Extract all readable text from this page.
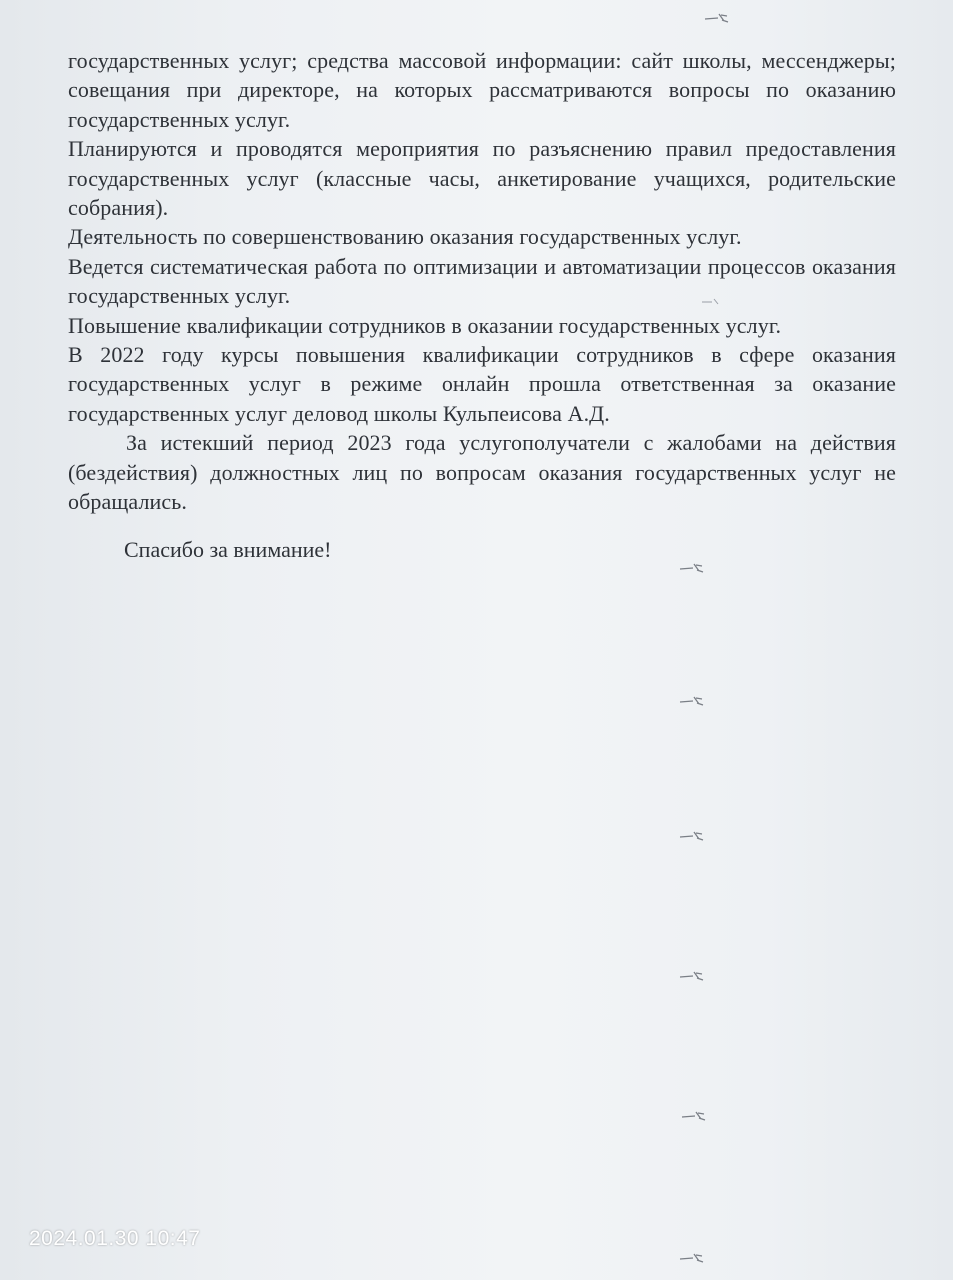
государственных услуг; средства массовой информации: сайт школы, мессенджеры; совещания при директоре, на которых рассматриваются вопросы по оказанию государственных услуг.

Планируются и проводятся мероприятия по разъяснению правил предоставления государственных услуг (классные часы, анкетирование учащихся, родительские собрания).

Деятельность по совершенствованию оказания государственных услуг.

Ведется систематическая работа по оптимизации и автоматизации процессов оказания государственных услуг.

Повышение квалификации сотрудников в оказании государственных услуг.

В 2022 году курсы повышения квалификации сотрудников в сфере оказания государственных услуг в режиме онлайн прошла ответственная за оказание государственных услуг деловод школы Кульпеисова А.Д.

За истекший период 2023 года услугополучатели с жалобами на действия (бездействия) должностных лиц по вопросам оказания государственных услуг не обращались.

Спасибо за внимание!
2024.01.30 10:47
